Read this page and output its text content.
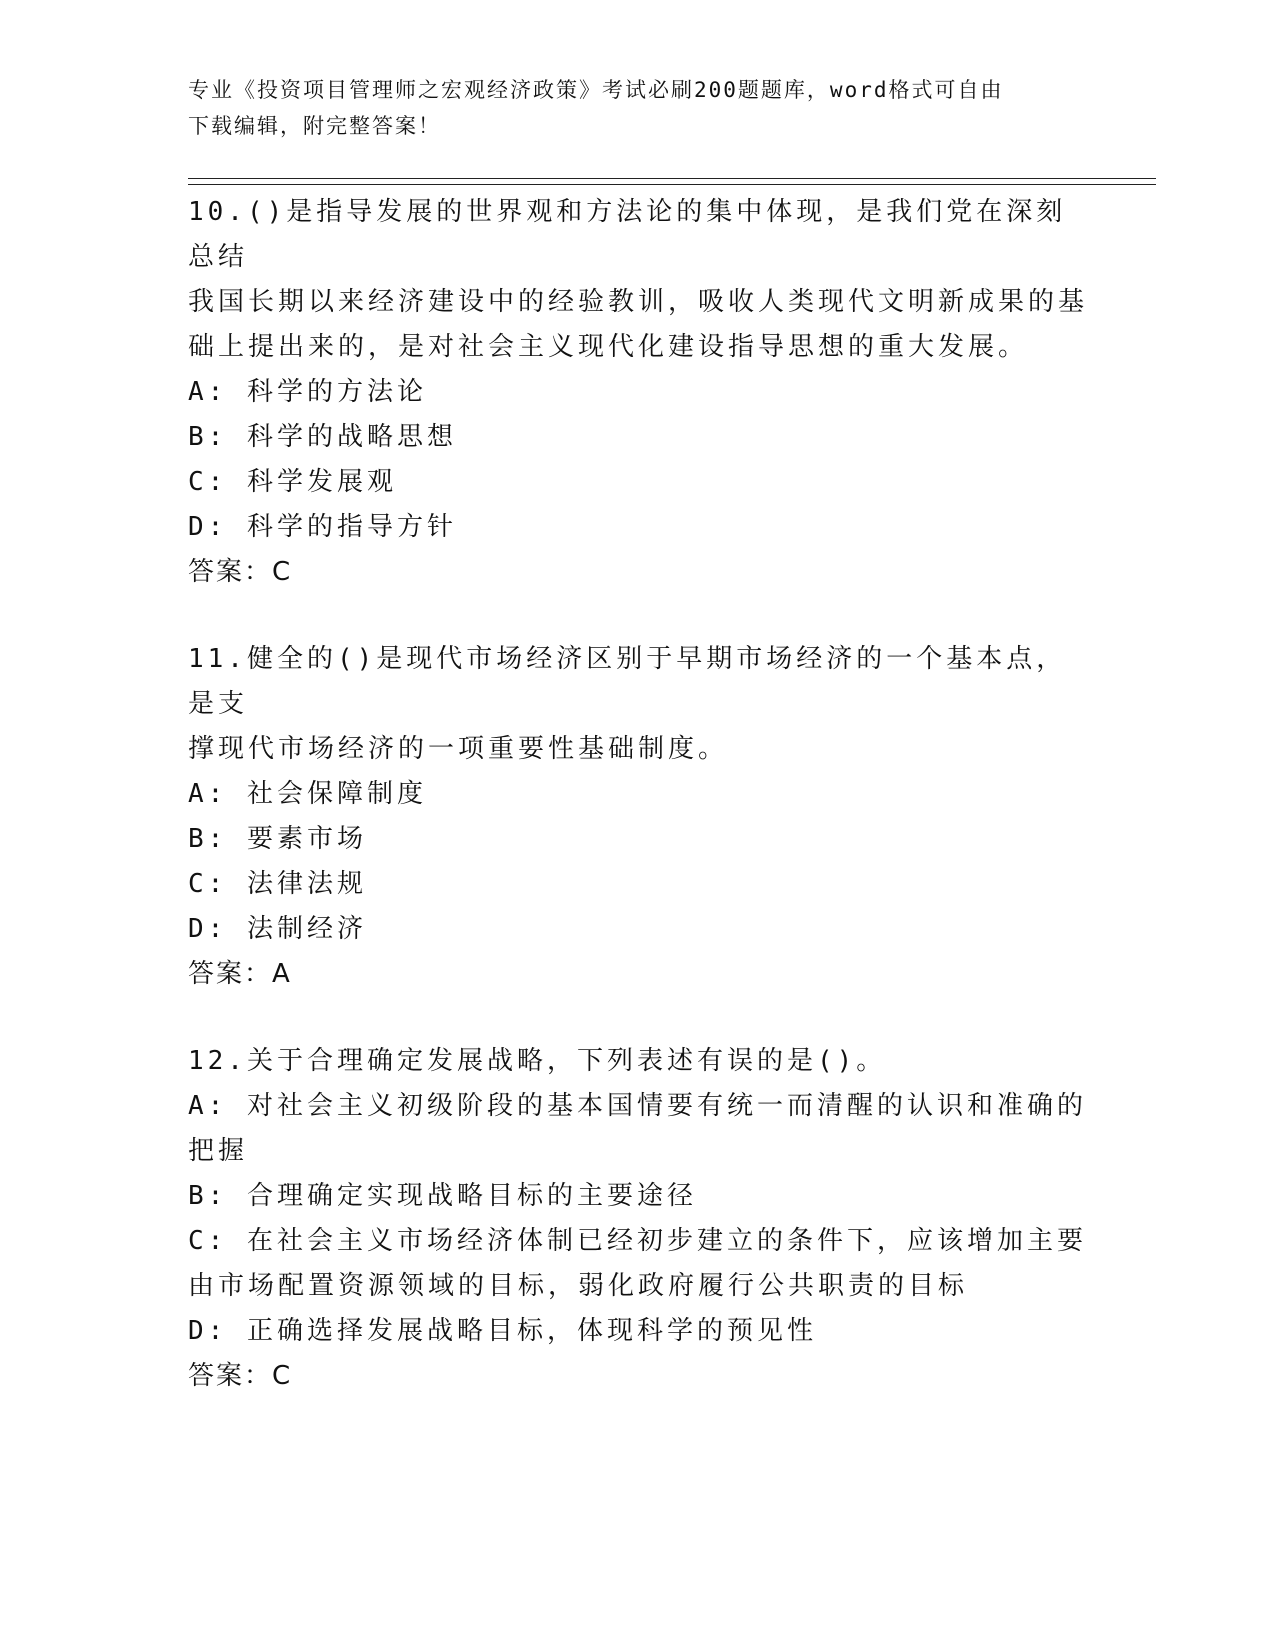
专业《投资项目管理师之宏观经济政策》考试必刷200题题库，word格式可自由
下载编辑，附完整答案！
10.()是指导发展的世界观和方法论的集中体现，是我们党在深刻总结
我国长期以来经济建设中的经验教训，吸收人类现代文明新成果的基
础上提出来的，是对社会主义现代化建设指导思想的重大发展。
A: 科学的方法论
B: 科学的战略思想
C: 科学发展观
D: 科学的指导方针
答案：C
11.健全的()是现代市场经济区别于早期市场经济的一个基本点，是支
撑现代市场经济的一项重要性基础制度。
A: 社会保障制度
B: 要素市场
C: 法律法规
D: 法制经济
答案：A
12.关于合理确定发展战略，下列表述有误的是()。
A: 对社会主义初级阶段的基本国情要有统一而清醒的认识和准确的把握
B: 合理确定实现战略目标的主要途径
C: 在社会主义市场经济体制已经初步建立的条件下，应该增加主要由市场配置资源领域的目标，弱化政府履行公共职责的目标
D: 正确选择发展战略目标，体现科学的预见性
答案：C
